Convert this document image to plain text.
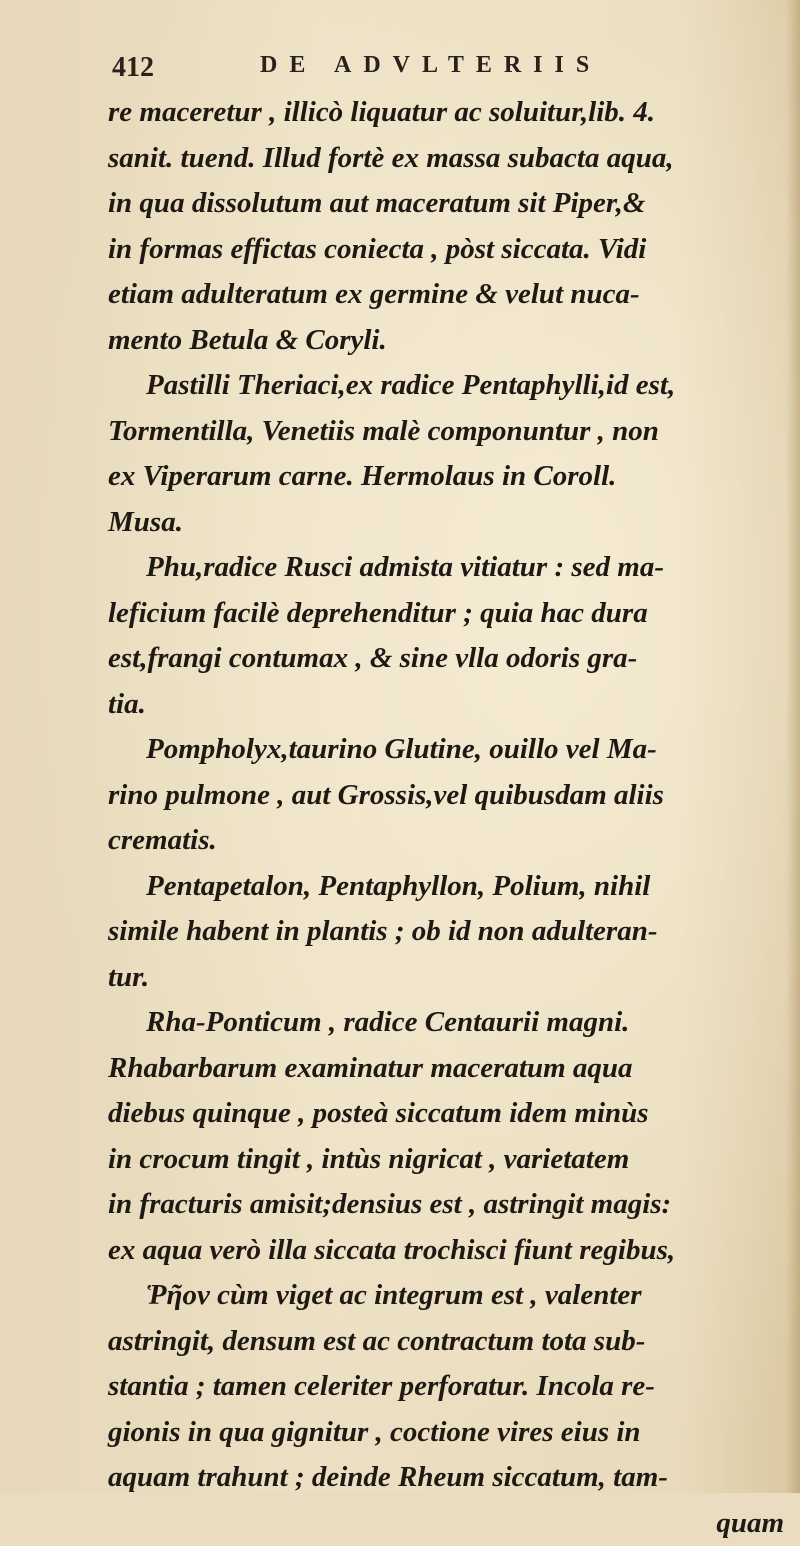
412	DE ADVLTERIIS
re maceretur , illicò liquatur ac soluitur,lib. 4.
sanit. tuend. Illud fortè ex massa subacta aqua,
in qua dissolutum aut maceratum sit Piper,&
in formas effictas coniecta , pòst siccata. Vidi
etiam adulteratum ex germine & velut nuca-
mento Betula & Coryli.
Pastilli Theriaci,ex radice Pentaphylli,id est,
Tormentilla, Venetiis malè componuntur , non
ex Viperarum carne. Hermolaus in Coroll.
Musa.
Phu,radice Rusci admista vitiatur : sed ma-
leficium facilè deprehenditur ; quia hac dura
est,frangi contumax , & sine vlla odoris gra-
tia.
Pompholyx,taurino Glutine, ouillo vel Ma-
rino pulmone , aut Grossis,vel quibusdam aliis
crematis.
Pentapetalon, Pentaphyllon, Polium, nihil
simile habent in plantis ; ob id non adulteran-
tur.
Rha-Ponticum , radice Centaurii magni.
Rhabarbarum examinatur maceratum aqua
diebus quinque , posteà siccatum idem minùs
in crocum tingit , intùs nigricat , varietatem
in fracturis amisit;densius est , astringit magis:
ex aqua verò illa siccata trochisci fiunt regibus,
Ῥῆον cùm viget ac integrum est , valenter
astringit, densum est ac contractum tota sub-
stantia ; tamen celeriter perforatur. Incola re-
gionis in qua gignitur , coctione vires eius in
aquam trahunt ; deinde Rheum siccatum, tam-
quam
